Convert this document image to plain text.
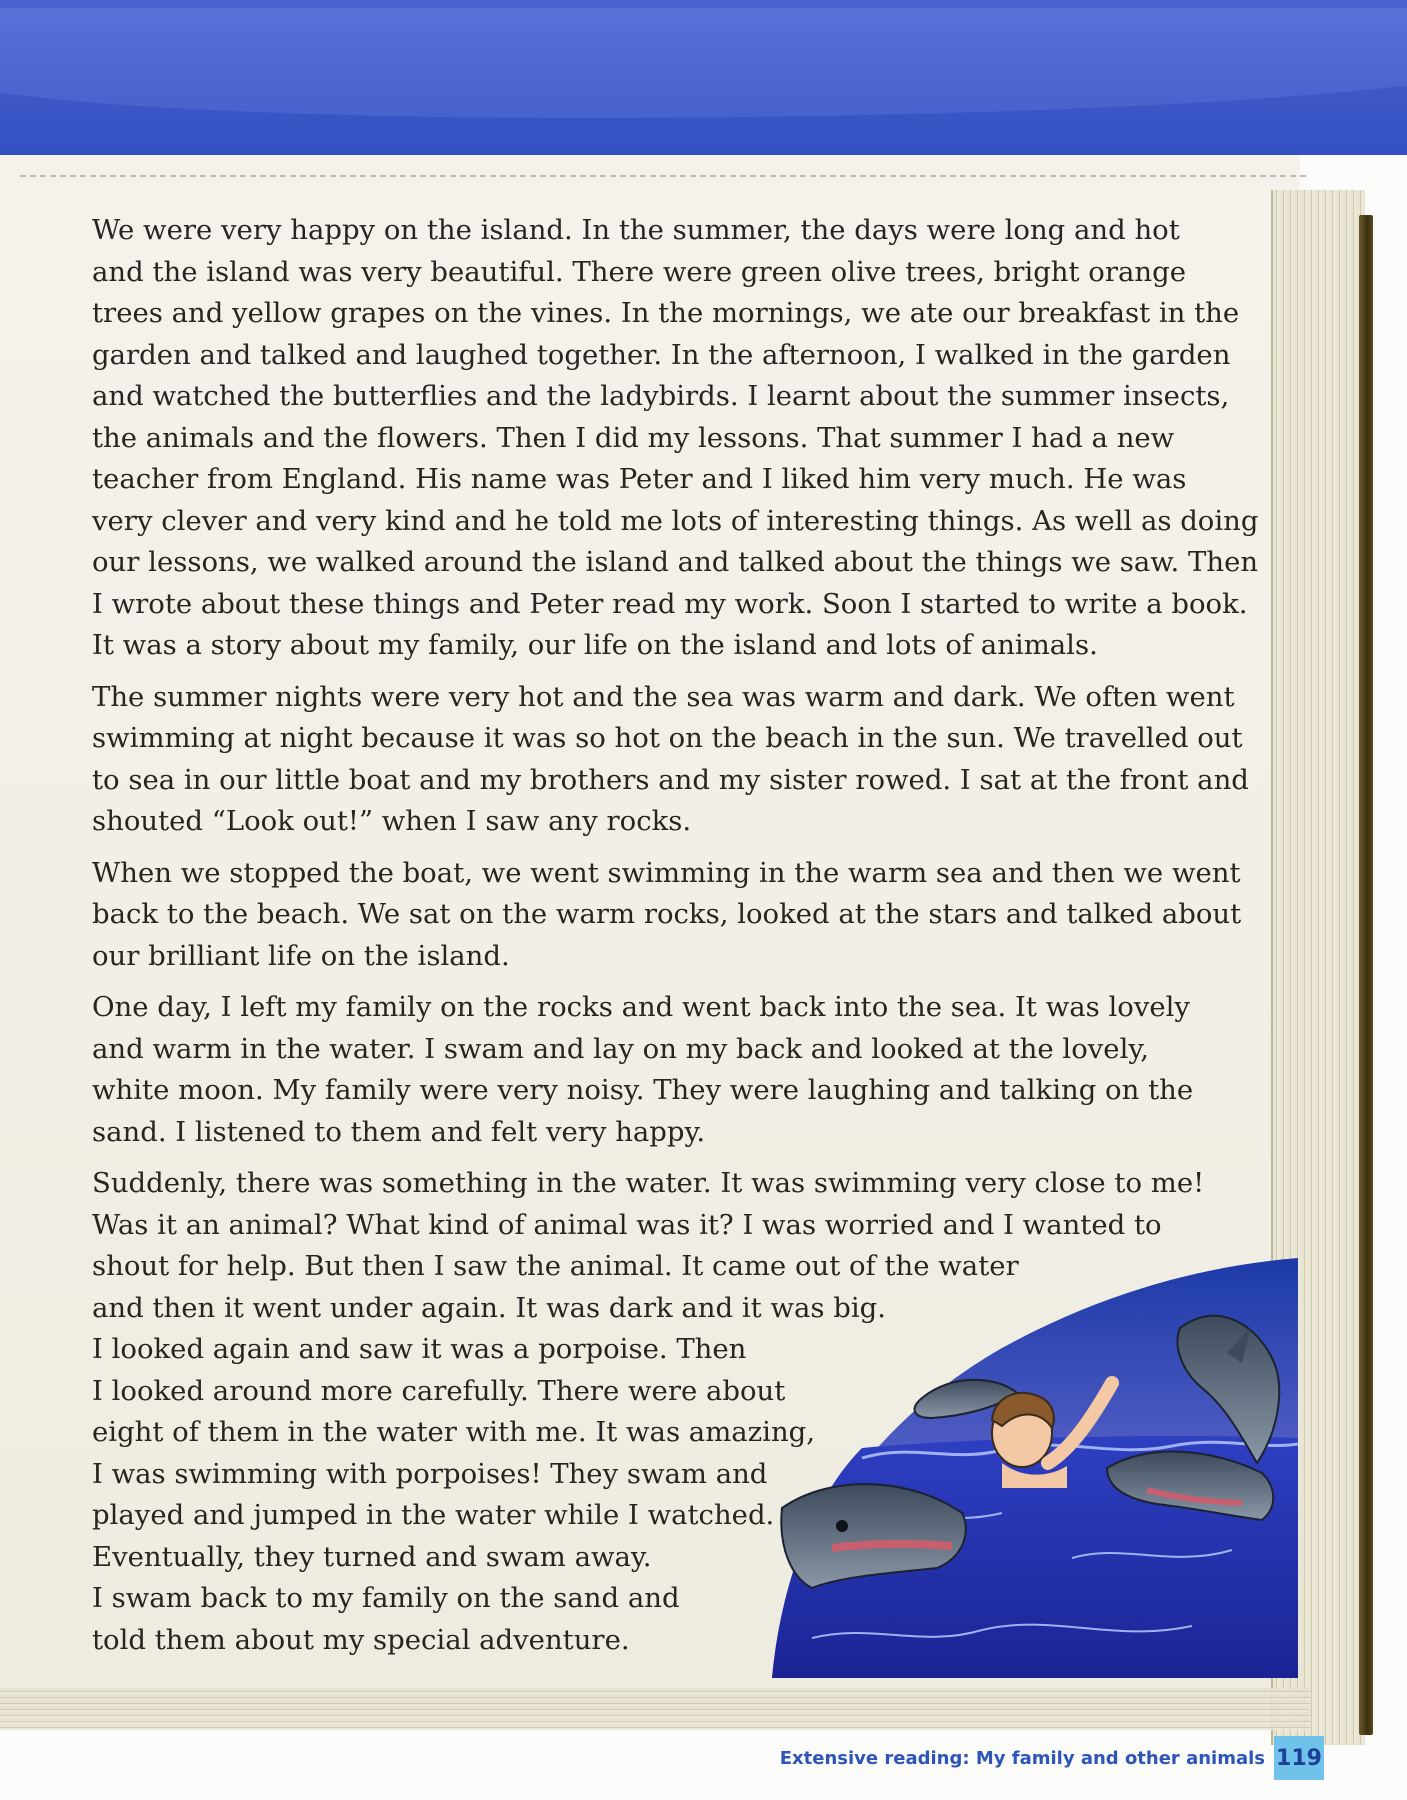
We were very happy on the island. In the summer, the days were long and hot
and the island was very beautiful. There were green olive trees, bright orange
trees and yellow grapes on the vines. In the mornings, we ate our breakfast in the
garden and talked and laughed together. In the afternoon, I walked in the garden
and watched the butterflies and the ladybirds. I learnt about the summer insects,
the animals and the flowers. Then I did my lessons. That summer I had a new
teacher from England. His name was Peter and I liked him very much. He was
very clever and very kind and he told me lots of interesting things. As well as doing
our lessons, we walked around the island and talked about the things we saw. Then
I wrote about these things and Peter read my work. Soon I started to write a book.
It was a story about my family, our life on the island and lots of animals.

The summer nights were very hot and the sea was warm and dark. We often went
swimming at night because it was so hot on the beach in the sun. We travelled out
to sea in our little boat and my brothers and my sister rowed. I sat at the front and
shouted “Look out!” when I saw any rocks.

When we stopped the boat, we went swimming in the warm sea and then we went
back to the beach. We sat on the warm rocks, looked at the stars and talked about
our brilliant life on the island.

One day, I left my family on the rocks and went back into the sea. It was lovely
and warm in the water. I swam and lay on my back and looked at the lovely,
white moon. My family were very noisy. They were laughing and talking on the
sand. I listened to them and felt very happy.

Suddenly, there was something in the water. It was swimming very close to me!
Was it an animal? What kind of animal was it? I was worried and I wanted to
shout for help. But then I saw the animal. It came out of the water
and then it went under again. It was dark and it was big.
I looked again and saw it was a porpoise. Then
I looked around more carefully. There were about
eight of them in the water with me. It was amazing,
I was swimming with porpoises! They swam and
played and jumped in the water while I watched.
Eventually, they turned and swam away.
I swam back to my family on the sand and
told them about my special adventure.

Extensive reading: My family and other animals 119
